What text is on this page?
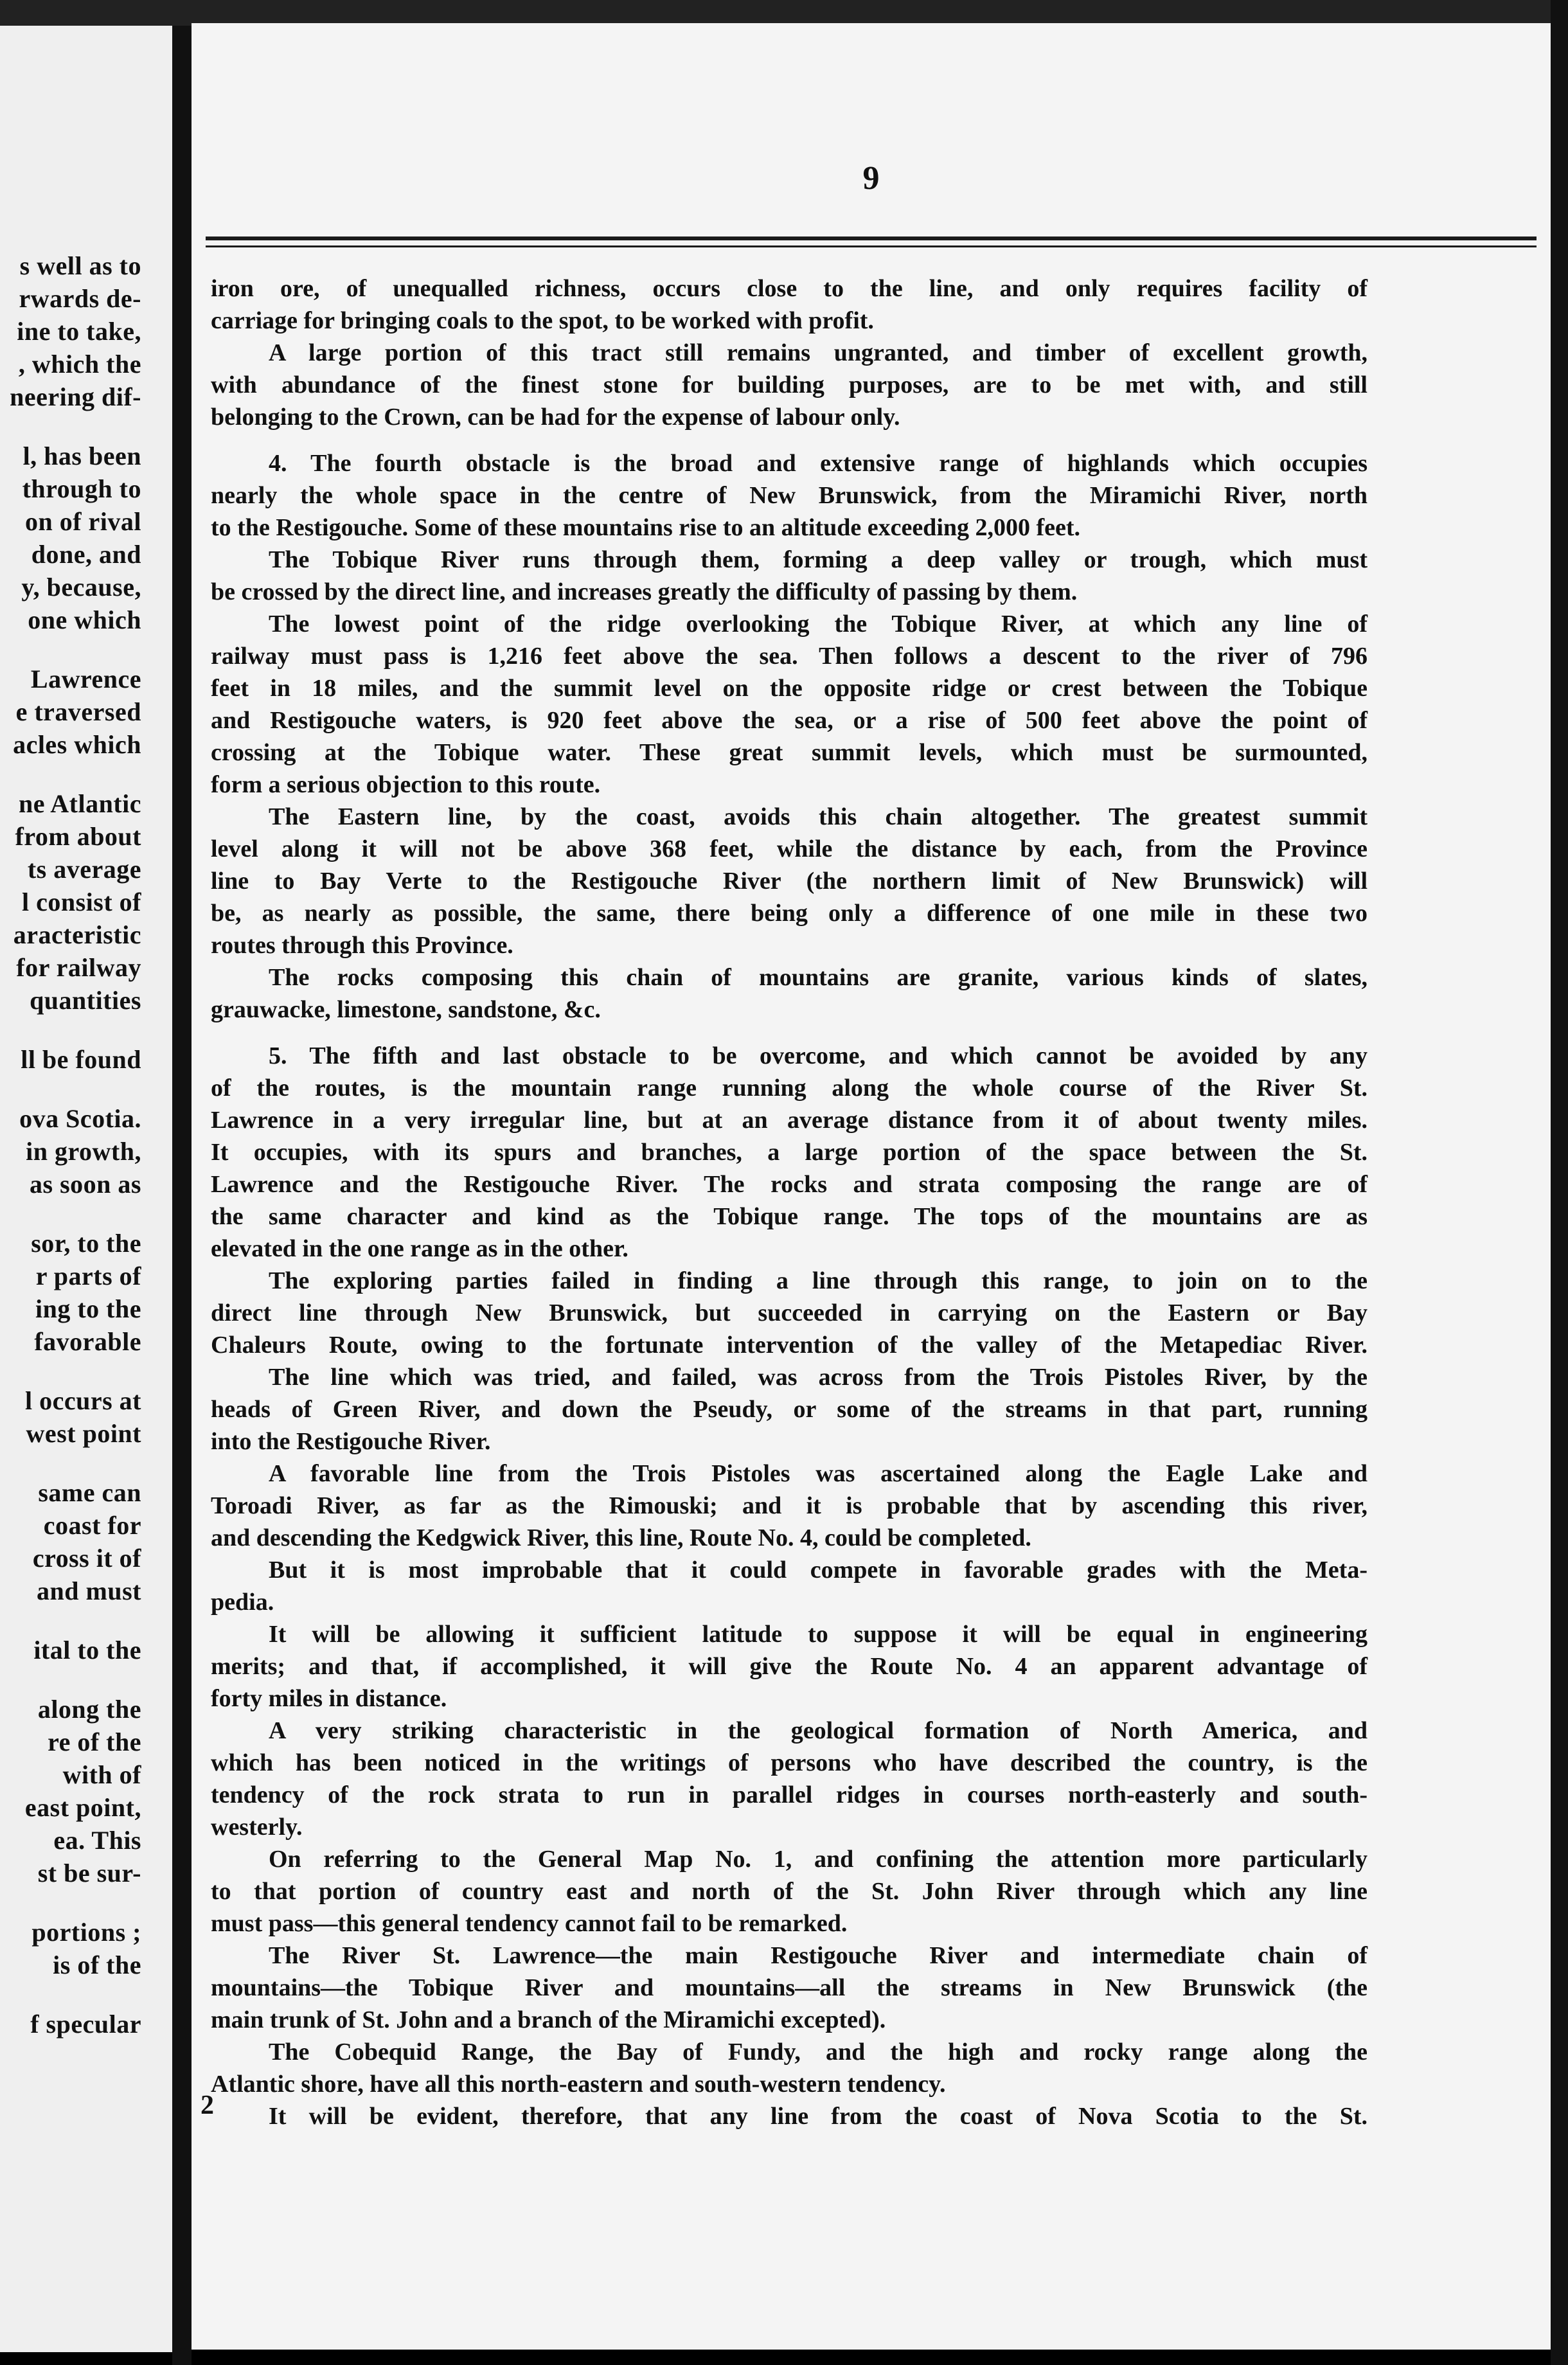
s well as to
rwards de-
ine to take,
, which the
neering dif-
l, has been
through to
on of rival
done, and
y, because,
one which
Lawrence
e traversed
acles which
ne Atlantic
from about
ts average
l consist of
aracteristic
for railway
quantities
ll be found
ova Scotia.
in growth,
as soon as
sor, to the
r parts of
ing to the
favorable
l occurs at
west point
same can
coast for
cross it of
and must
ital to the
along the
re of the
with of
east point,
ea. This
st be sur-
portions ;
is of the
f specular
9
iron ore, of unequalled richness, occurs close to the line, and only requires facility of
carriage for bringing coals to the spot, to be worked with profit.
A large portion of this tract still remains ungranted, and timber of excellent growth,
with abundance of the finest stone for building purposes, are to be met with, and still
belonging to the Crown, can be had for the expense of labour only.
4. The fourth obstacle is the broad and extensive range of highlands which occupies
nearly the whole space in the centre of New Brunswick, from the Miramichi River, north
to the Restigouche. Some of these mountains rise to an altitude exceeding 2,000 feet.
The Tobique River runs through them, forming a deep valley or trough, which must
be crossed by the direct line, and increases greatly the difficulty of passing by them.
The lowest point of the ridge overlooking the Tobique River, at which any line of
railway must pass is 1,216 feet above the sea. Then follows a descent to the river of 796
feet in 18 miles, and the summit level on the opposite ridge or crest between the Tobique
and Restigouche waters, is 920 feet above the sea, or a rise of 500 feet above the point of
crossing at the Tobique water. These great summit levels, which must be surmounted,
form a serious objection to this route.
The Eastern line, by the coast, avoids this chain altogether. The greatest summit
level along it will not be above 368 feet, while the distance by each, from the Province
line to Bay Verte to the Restigouche River (the northern limit of New Brunswick) will
be, as nearly as possible, the same, there being only a difference of one mile in these two
routes through this Province.
The rocks composing this chain of mountains are granite, various kinds of slates,
grauwacke, limestone, sandstone, &c.
5. The fifth and last obstacle to be overcome, and which cannot be avoided by any
of the routes, is the mountain range running along the whole course of the River St.
Lawrence in a very irregular line, but at an average distance from it of about twenty miles.
It occupies, with its spurs and branches, a large portion of the space between the St.
Lawrence and the Restigouche River. The rocks and strata composing the range are of
the same character and kind as the Tobique range. The tops of the mountains are as
elevated in the one range as in the other.
The exploring parties failed in finding a line through this range, to join on to the
direct line through New Brunswick, but succeeded in carrying on the Eastern or Bay
Chaleurs Route, owing to the fortunate intervention of the valley of the Metapediac River.
The line which was tried, and failed, was across from the Trois Pistoles River, by the
heads of Green River, and down the Pseudy, or some of the streams in that part, running
into the Restigouche River.
A favorable line from the Trois Pistoles was ascertained along the Eagle Lake and
Toroadi River, as far as the Rimouski; and it is probable that by ascending this river,
and descending the Kedgwick River, this line, Route No. 4, could be completed.
But it is most improbable that it could compete in favorable grades with the Meta-
pedia.
It will be allowing it sufficient latitude to suppose it will be equal in engineering
merits; and that, if accomplished, it will give the Route No. 4 an apparent advantage of
forty miles in distance.
A very striking characteristic in the geological formation of North America, and
which has been noticed in the writings of persons who have described the country, is the
tendency of the rock strata to run in parallel ridges in courses north-easterly and south-
westerly.
On referring to the General Map No. 1, and confining the attention more particularly
to that portion of country east and north of the St. John River through which any line
must pass—this general tendency cannot fail to be remarked.
The River St. Lawrence—the main Restigouche River and intermediate chain of
mountains—the Tobique River and mountains—all the streams in New Brunswick (the
main trunk of St. John and a branch of the Miramichi excepted).
The Cobequid Range, the Bay of Fundy, and the high and rocky range along the
Atlantic shore, have all this north-eastern and south-western tendency.
It will be evident, therefore, that any line from the coast of Nova Scotia to the St.
2
